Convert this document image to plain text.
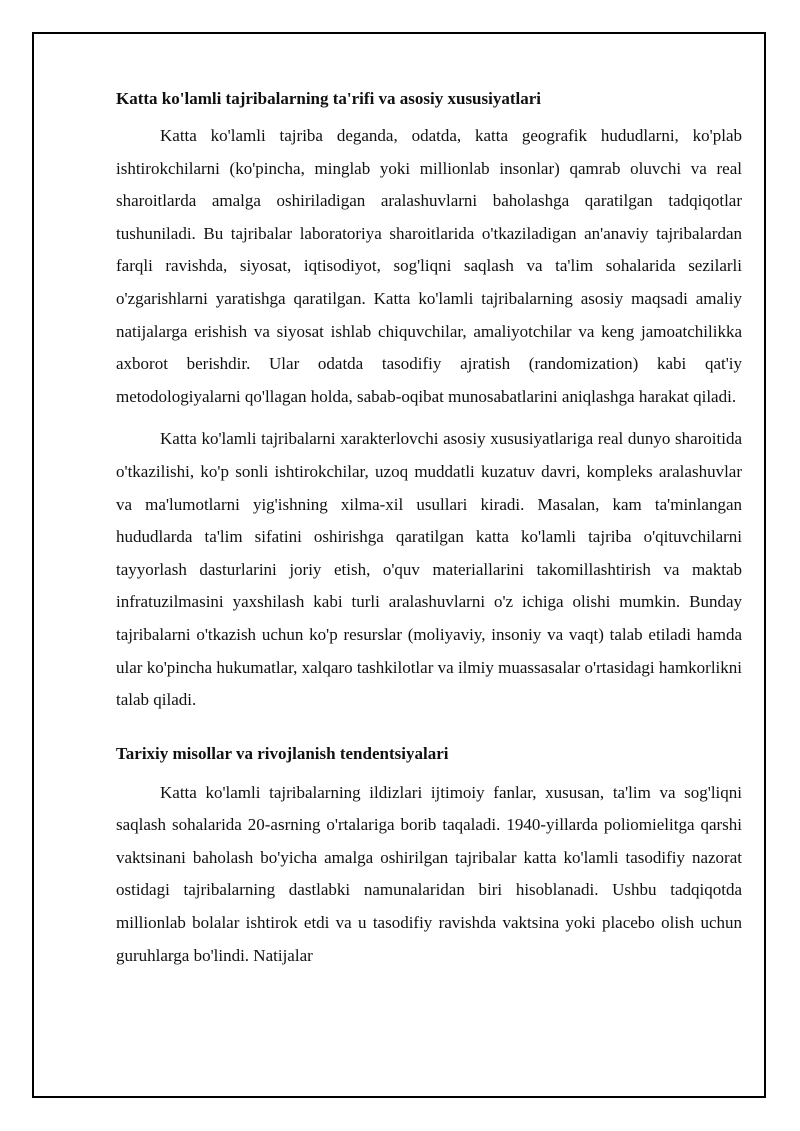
Katta ko'lamli tajribalarning ta'rifi va asosiy xususiyatlari

Katta ko'lamli tajriba deganda, odatda, katta geografik hududlarni, ko'plab ishtirokchilarni (ko'pincha, minglab yoki millionlab insonlar) qamrab oluvchi va real sharoitlarda amalga oshiriladigan aralashuvlarni baholashga qaratilgan tadqiqotlar tushuniladi. Bu tajribalar laboratoriya sharoitlarida o'tkaziladigan an'anaviy tajribalardan farqli ravishda, siyosat, iqtisodiyot, sog'liqni saqlash va ta'lim sohalarida sezilarli o'zgarishlarni yaratishga qaratilgan. Katta ko'lamli tajribalarning asosiy maqsadi amaliy natijalarga erishish va siyosat ishlab chiquvchilar, amaliyotchilar va keng jamoatchilikka axborot berishdir. Ular odatda tasodifiy ajratish (randomization) kabi qat'iy metodologiyalarni qo'llagan holda, sabab-oqibat munosabatlarini aniqlashga harakat qiladi.

Katta ko'lamli tajribalarni xarakterlovchi asosiy xususiyatlariga real dunyo sharoitida o'tkazilishi, ko'p sonli ishtirokchilar, uzoq muddatli kuzatuv davri, kompleks aralashuvlar va ma'lumotlarni yig'ishning xilma-xil usullari kiradi. Masalan, kam ta'minlangan hududlarda ta'lim sifatini oshirishga qaratilgan katta ko'lamli tajriba o'qituvchilarni tayyorlash dasturlarini joriy etish, o'quv materiallarini takomillashtirish va maktab infratuzilmasini yaxshilash kabi turli aralashuvlarni o'z ichiga olishi mumkin. Bunday tajribalarni o'tkazish uchun ko'p resurslar (moliyaviy, insoniy va vaqt) talab etiladi hamda ular ko'pincha hukumatlar, xalqaro tashkilotlar va ilmiy muassasalar o'rtasidagi hamkorlikni talab qiladi.

Tarixiy misollar va rivojlanish tendentsiyalari

Katta ko'lamli tajribalarning ildizlari ijtimoiy fanlar, xususan, ta'lim va sog'liqni saqlash sohalarida 20-asrning o'rtalariga borib taqaladi. 1940-yillarda poliomielitga qarshi vaktsinani baholash bo'yicha amalga oshirilgan tajribalar katta ko'lamli tasodifiy nazorat ostidagi tajribalarning dastlabki namunalaridan biri hisoblanadi. Ushbu tadqiqotda millionlab bolalar ishtirok etdi va u tasodifiy ravishda vaktsina yoki placebo olish uchun guruhlarga bo'lindi. Natijalar
